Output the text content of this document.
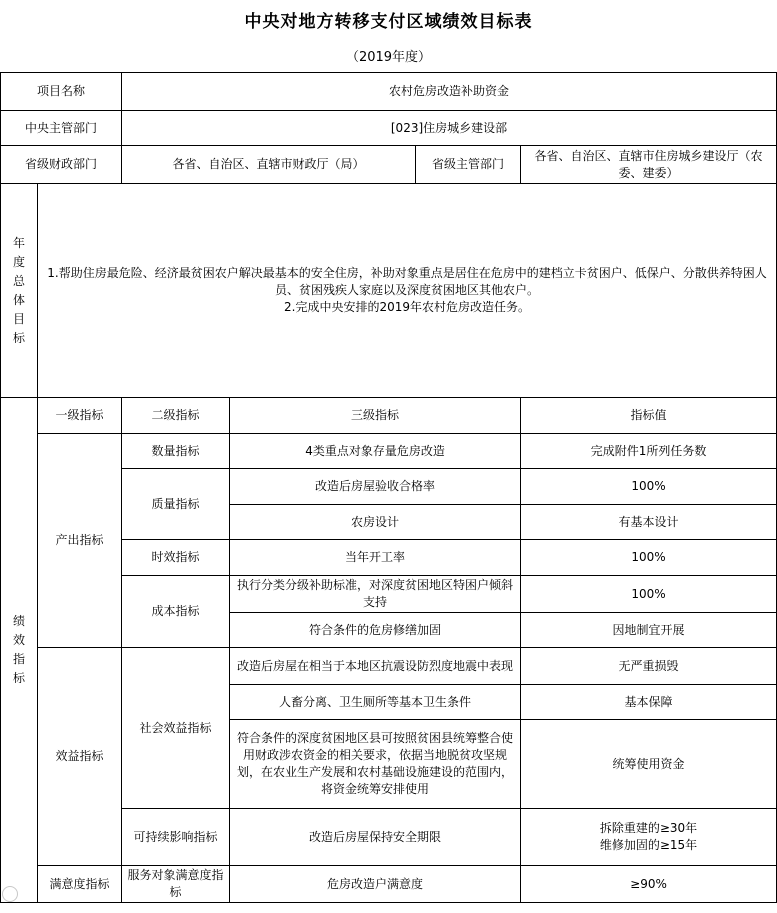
中央对地方转移支付区域绩效目标表
（2019年度）
项目名称		农村危房改造补助资金			
中央主管部门		[023]住房城乡建设部			
省级财政部门		各省、自治区、直辖市财政厅（局）		省级主管部门	各省、自治区、直辖市住房城乡建设厅（农委、建委）
年度总体目标	1.帮助住房最危险、经济最贫困农户解决最基本的安全住房，补助对象重点是居住在危房中的建档立卡贫困户、低保户、分散供养特困人员、贫困残疾人家庭以及深度贫困地区其他农户。
2.完成中央安排的2019年农村危房改造任务。				

绩效指标	一级指标	二级指标	三级指标		指标值
	产出指标	数量指标	4类重点对象存量危房改造		完成附件1所列任务数
		质量指标	改造后房屋验收合格率		100%
			农房设计		有基本设计
		时效指标	当年开工率		100%
		成本指标	执行分类分级补助标准，对深度贫困地区特困户倾斜支持		100%
			符合条件的危房修缮加固		因地制宜开展
	效益指标	社会效益指标	改造后房屋在相当于本地区抗震设防烈度地震中表现		无严重损毁
			人畜分离、卫生厕所等基本卫生条件		基本保障
			符合条件的深度贫困地区县可按照贫困县统筹整合使用财政涉农资金的相关要求，依据当地脱贫攻坚规划，在农业生产发展和农村基础设施建设的范围内，将资金统筹安排使用		统筹使用资金
		可持续影响指标	改造后房屋保持安全期限		拆除重建的≥30年
维修加固的≥15年

	满意度指标	服务对象满意度指标	危房改造户满意度		≥90%
